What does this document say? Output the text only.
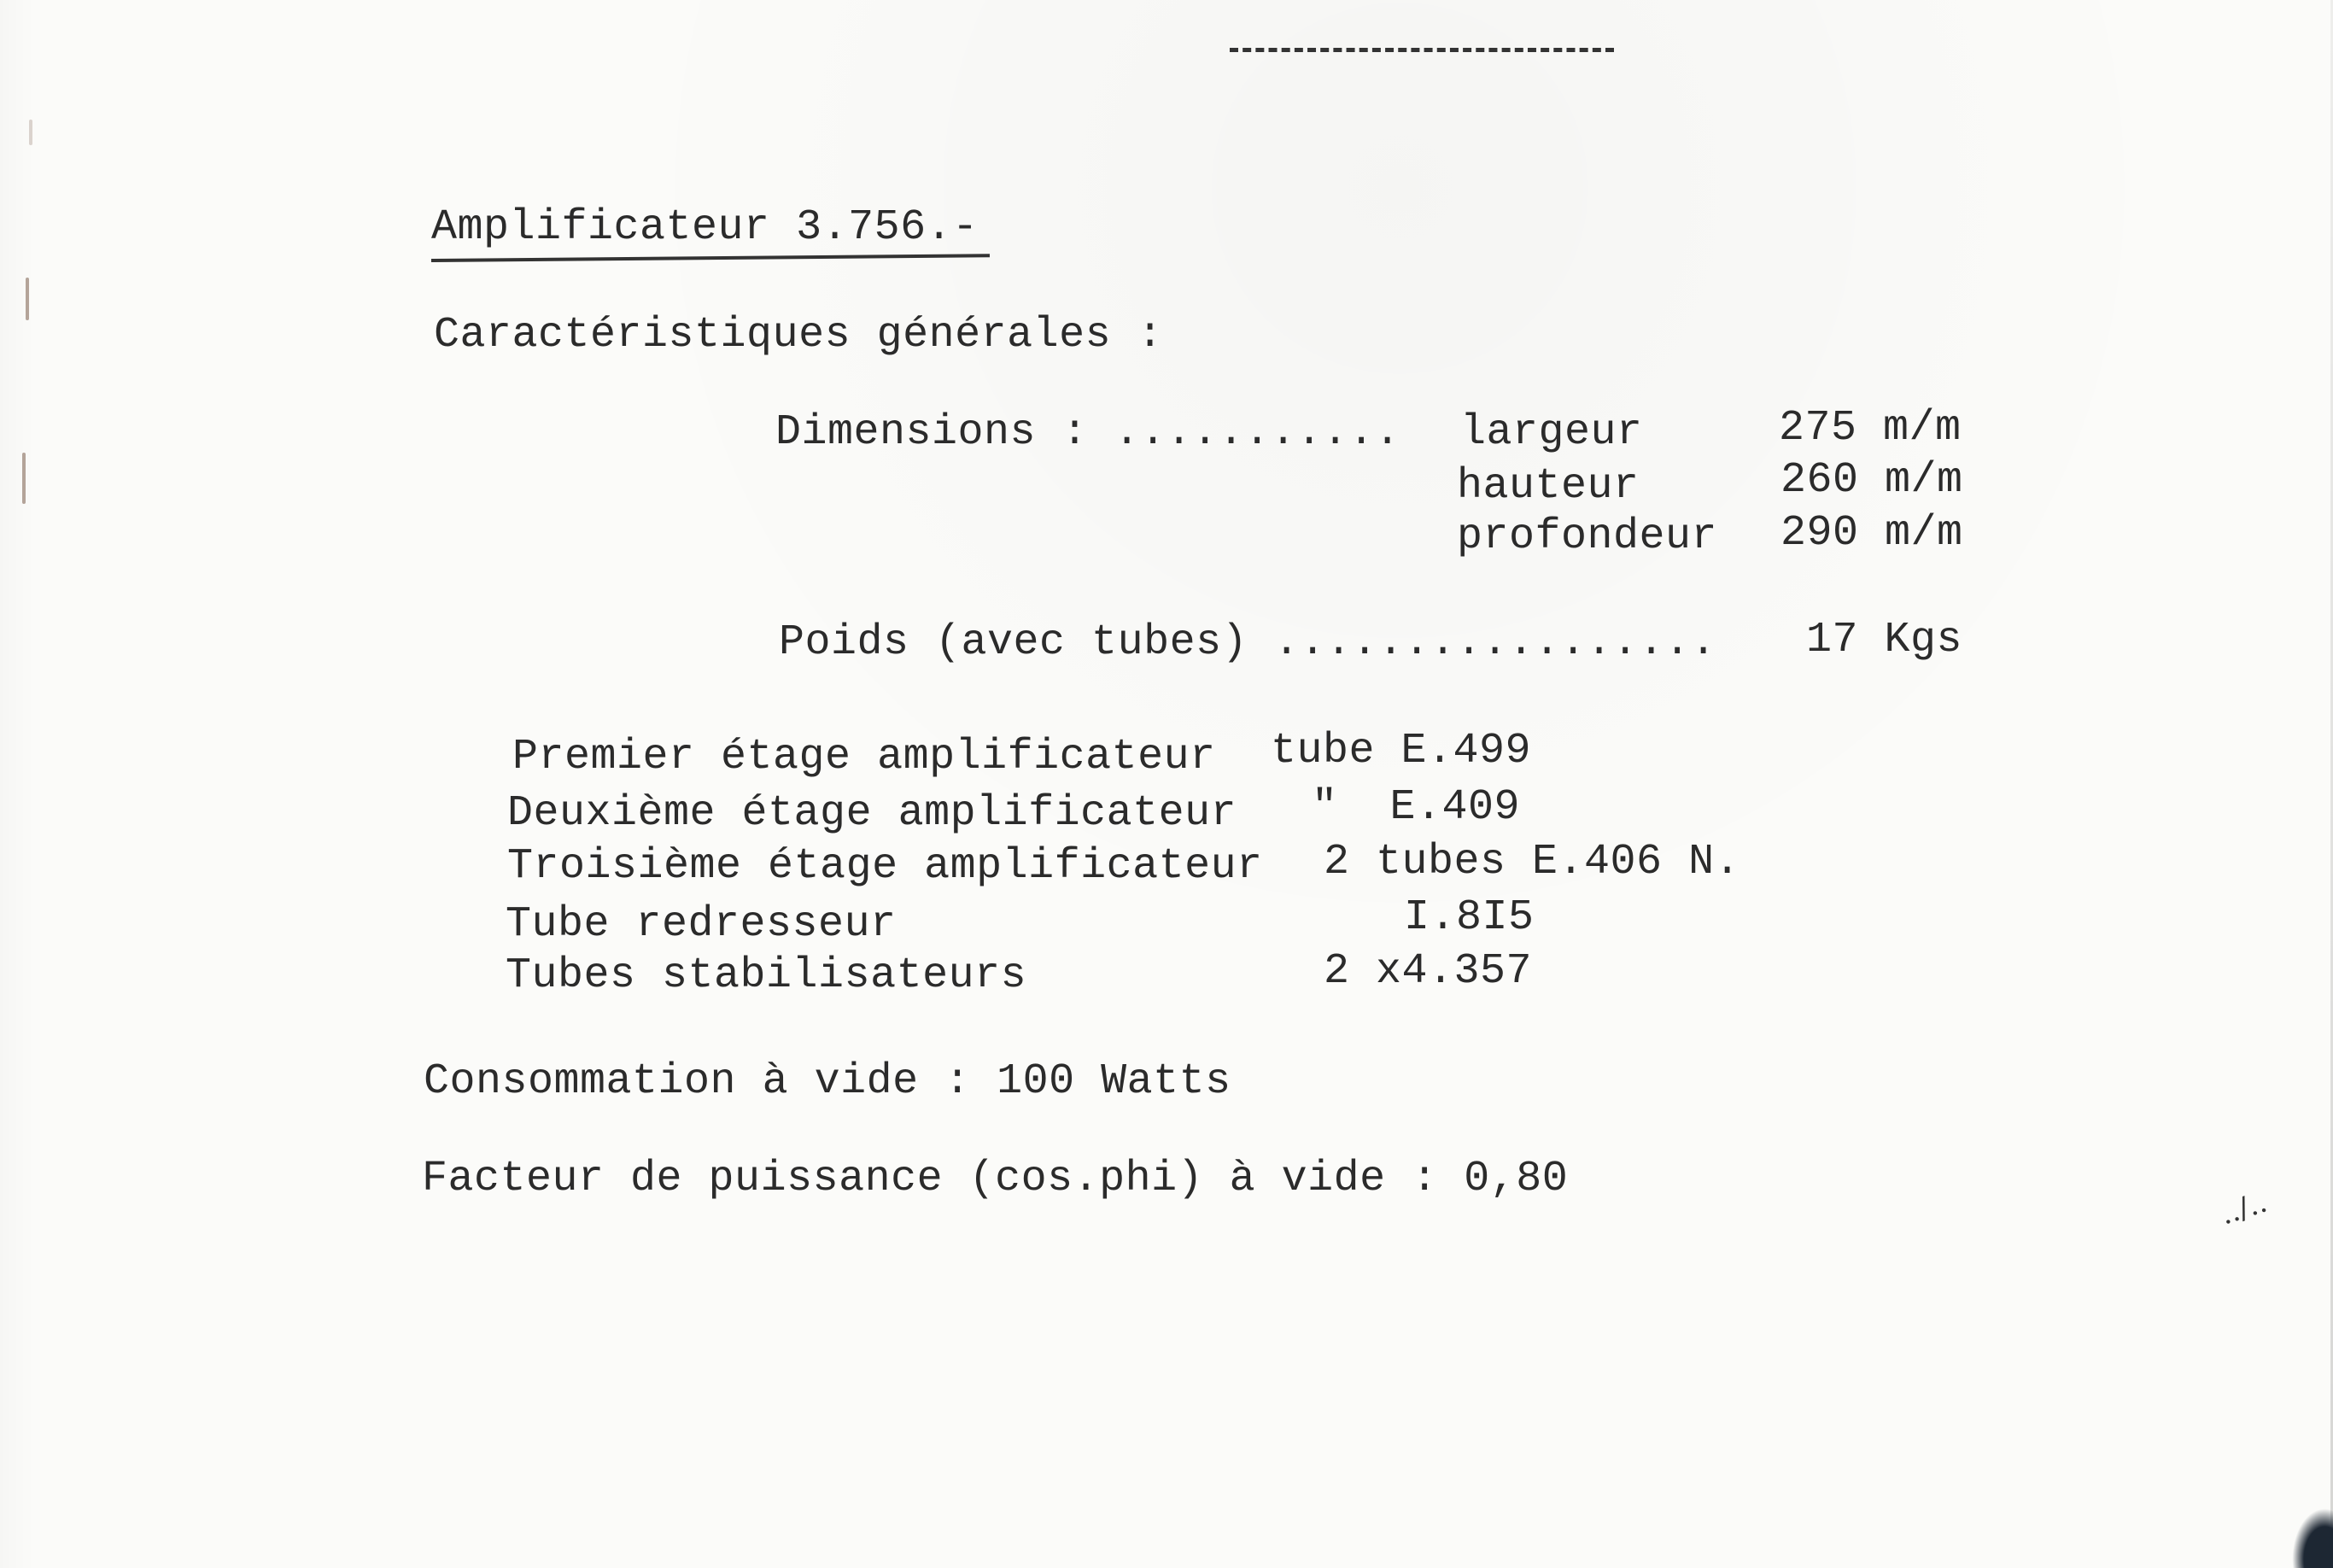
Amplificateur 3.756.-
Caractéristiques générales :
Dimensions : ........... largeur	275 m/m
hauteur	260 m/m
profondeur 290 m/m
Poids (avec tubes) ................. 17 Kgs
Premier étage amplificateur tube E.499
Deuxième étage amplificateur "  E.409
Troisième étage amplificateur 2 tubes E.406 N.
Tube redresseur	I.8I5
Tubes stabilisateurs	2 x4.357
Consommation à vide : 100 Watts
Facteur de puissance (cos.phi) à vide : 0,80
../..
